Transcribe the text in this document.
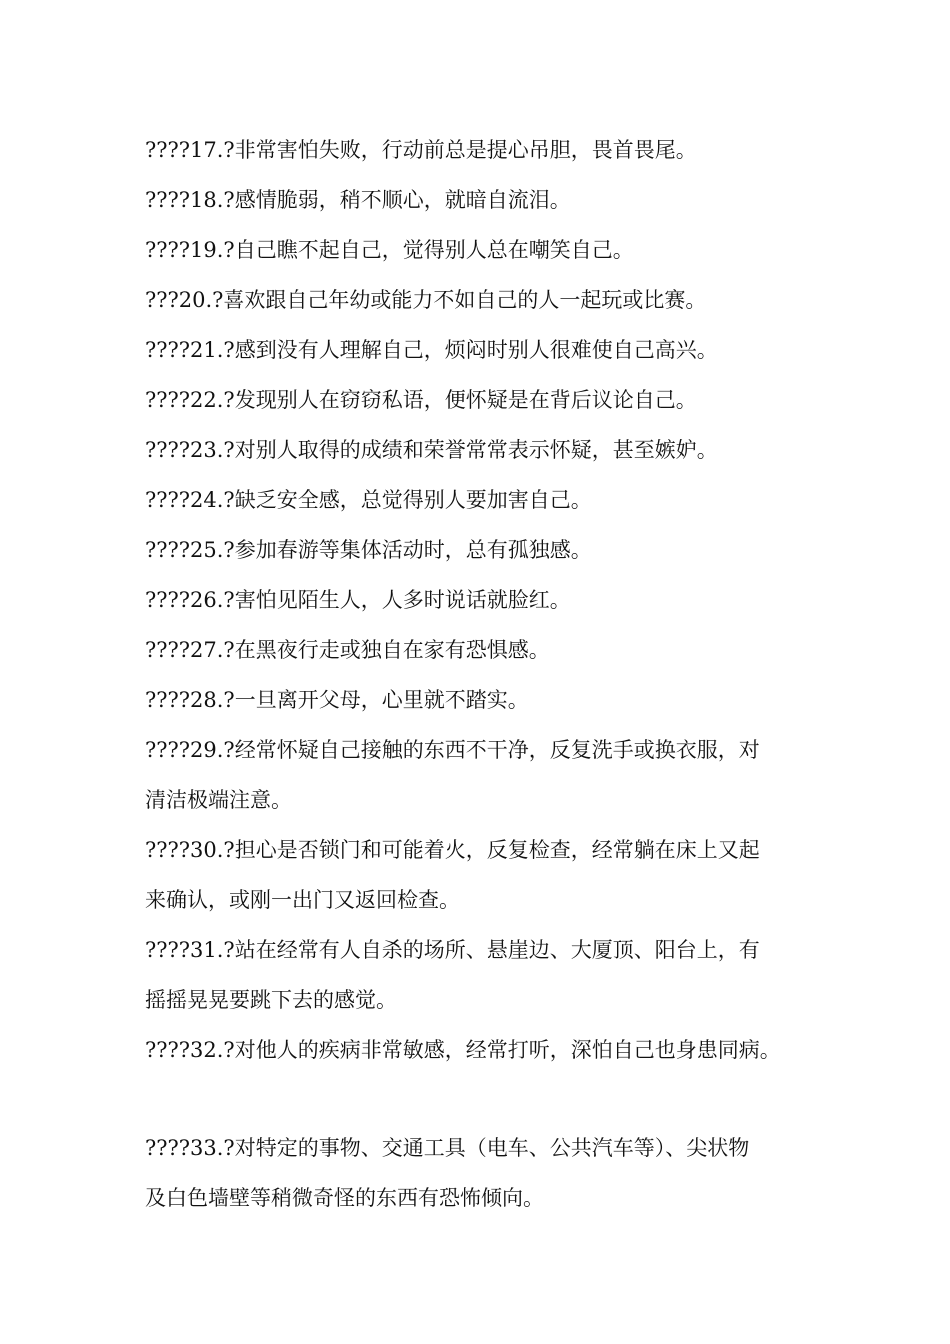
????17.?非常害怕失败，行动前总是提心吊胆，畏首畏尾。
????18.?感情脆弱，稍不顺心，就暗自流泪。
????19.?自己瞧不起自己，觉得别人总在嘲笑自己。
???20.?喜欢跟自己年幼或能力不如自己的人一起玩或比赛。
????21.?感到没有人理解自己，烦闷时别人很难使自己高兴。
????22.?发现别人在窃窃私语，便怀疑是在背后议论自己。
????23.?对别人取得的成绩和荣誉常常表示怀疑，甚至嫉妒。
????24.?缺乏安全感，总觉得别人要加害自己。
????25.?参加春游等集体活动时，总有孤独感。
????26.?害怕见陌生人，人多时说话就脸红。
????27.?在黑夜行走或独自在家有恐惧感。
????28.?一旦离开父母，心里就不踏实。
????29.?经常怀疑自己接触的东西不干净，反复洗手或换衣服，对
清洁极端注意。
????30.?担心是否锁门和可能着火，反复检查，经常躺在床上又起
来确认，或刚一出门又返回检查。
????31.?站在经常有人自杀的场所、悬崖边、大厦顶、阳台上，有
摇摇晃晃要跳下去的感觉。
????32.?对他人的疾病非常敏感，经常打听，深怕自己也身患同病。
????33.?对特定的事物、交通工具（电车、公共汽车等）、尖状物
及白色墙壁等稍微奇怪的东西有恐怖倾向。
